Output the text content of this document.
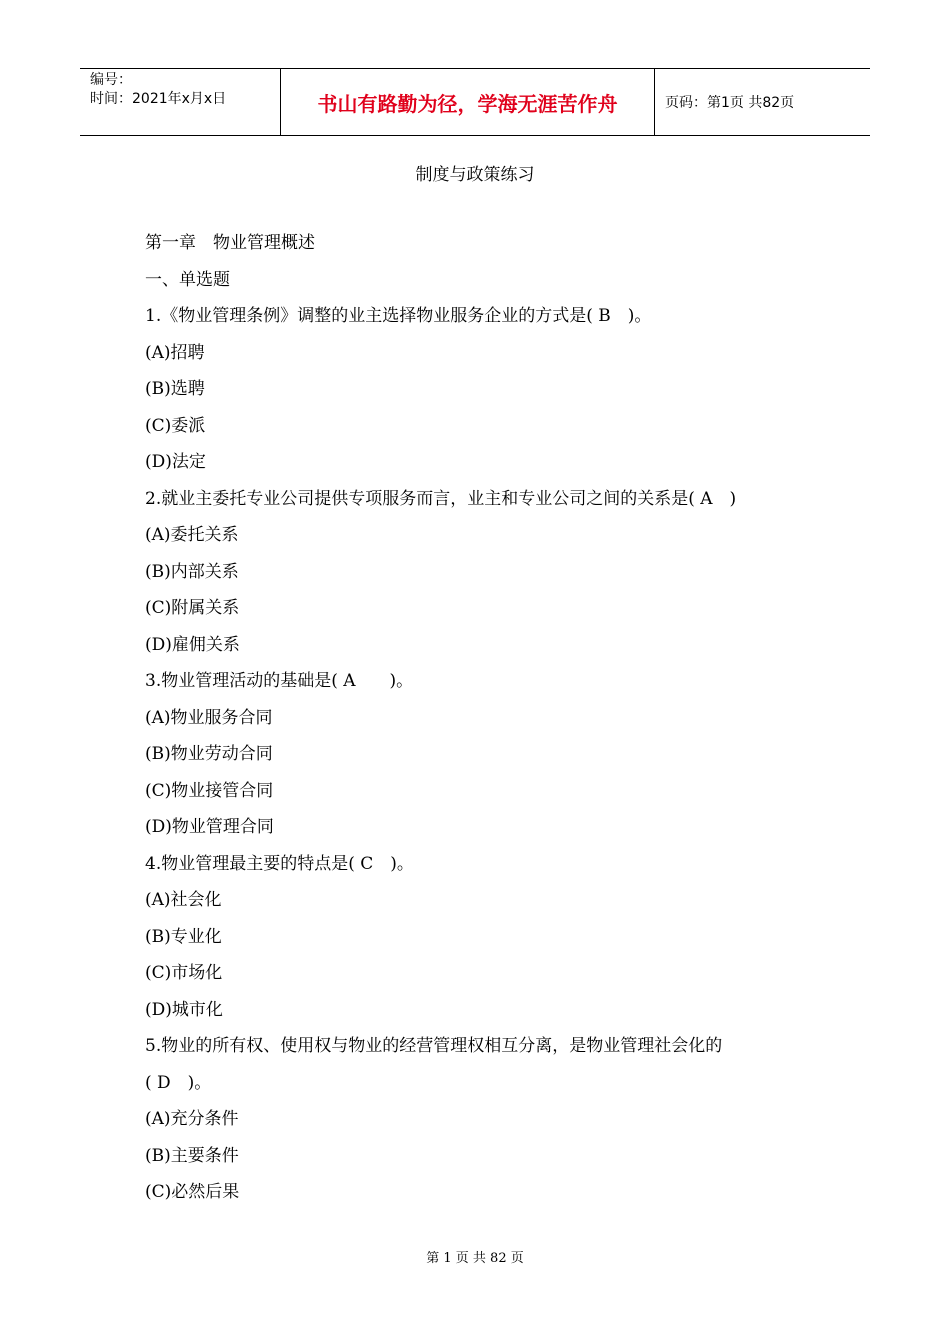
编号：
时间：2021年x月x日	书山有路勤为径，学海无涯苦作舟	页码：第1页 共82页
制度与政策练习
第一章　物业管理概述
一、单选题
1.《物业管理条例》调整的业主选择物业服务企业的方式是( B　)。
(A)招聘
(B)选聘
(C)委派
(D)法定
2.就业主委托专业公司提供专项服务而言，业主和专业公司之间的关系是( A　)
(A)委托关系
(B)内部关系
(C)附属关系
(D)雇佣关系
3.物业管理活动的基础是( A　　)。
(A)物业服务合同
(B)物业劳动合同
(C)物业接管合同
(D)物业管理合同
4.物业管理最主要的特点是( C　)。
(A)社会化
(B)专业化
(C)市场化
(D)城市化
5.物业的所有权、使用权与物业的经营管理权相互分离，是物业管理社会化的
( D　)。
(A)充分条件
(B)主要条件
(C)必然后果
第 1 页 共 82 页
